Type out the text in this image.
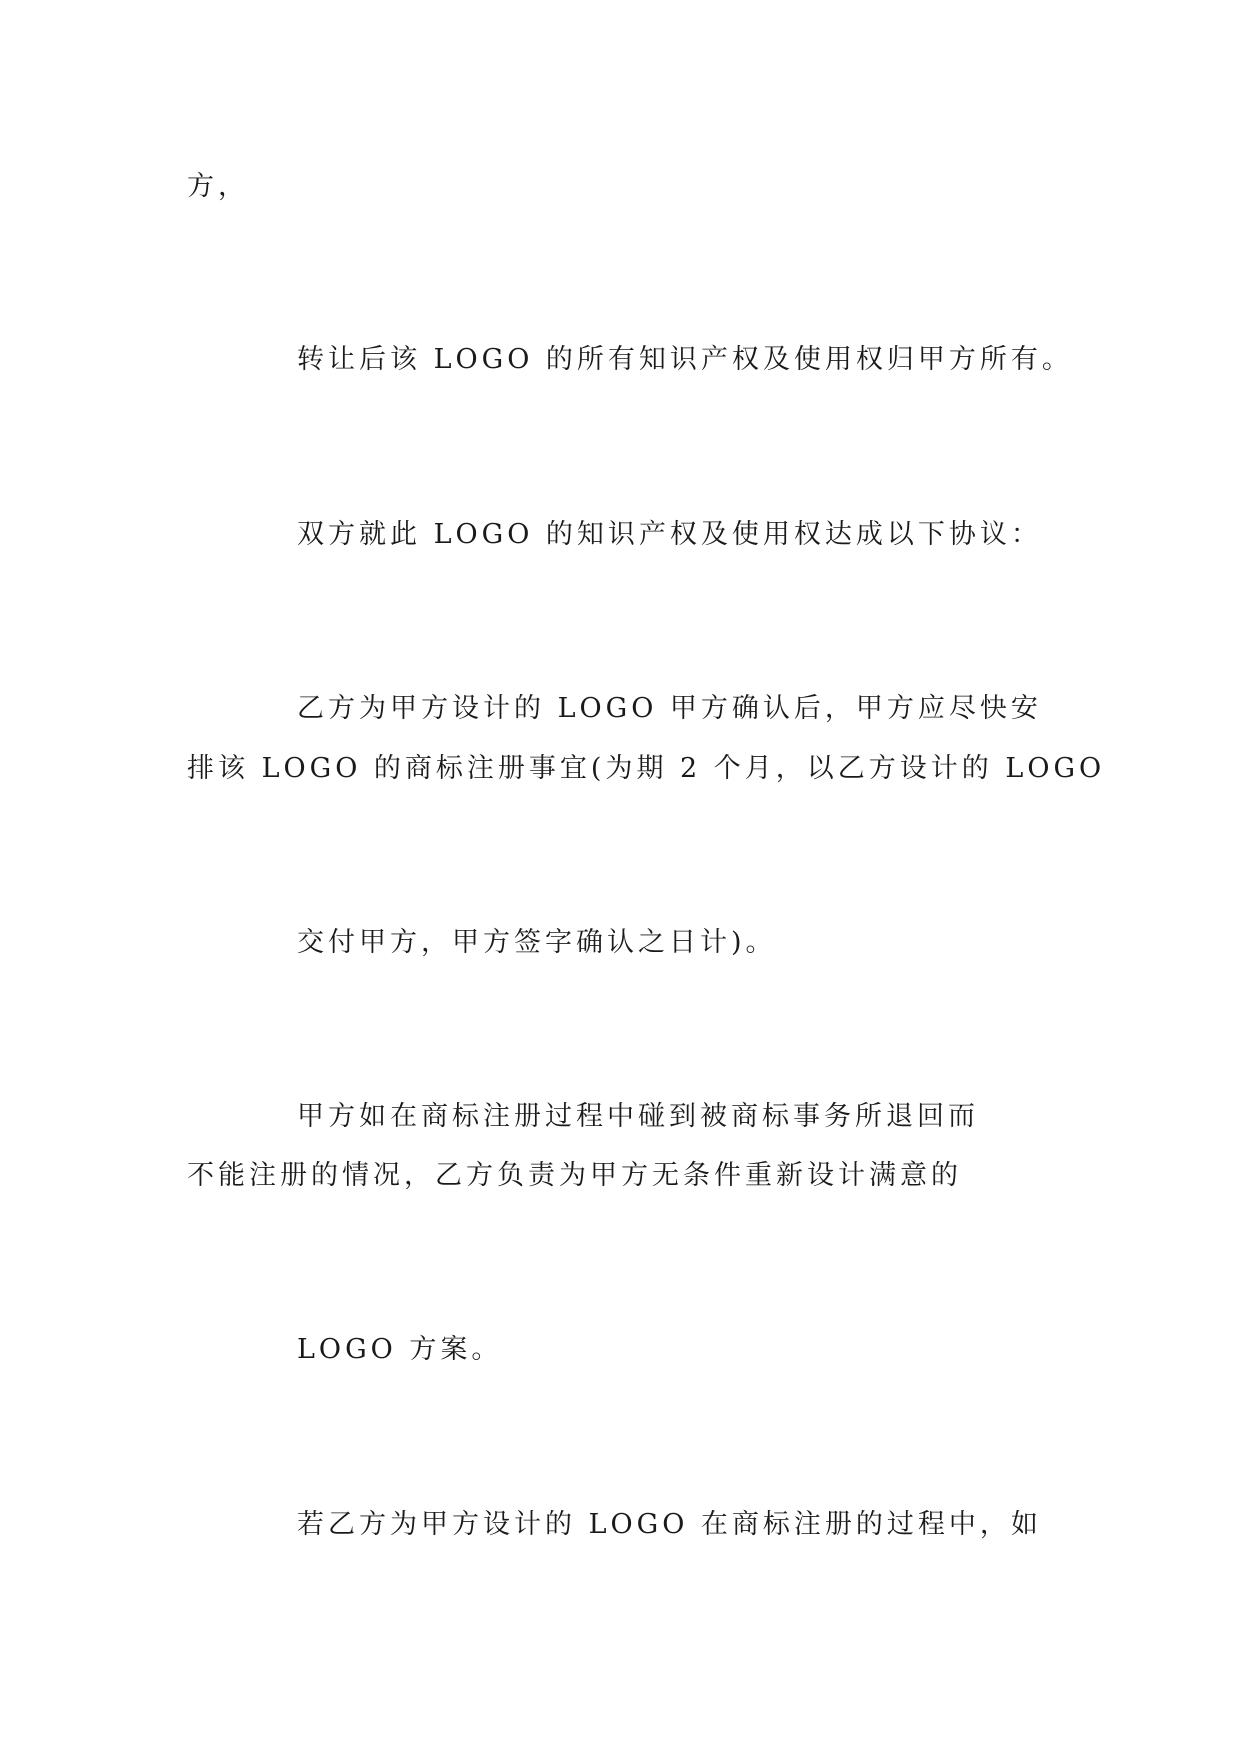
方，
转让后该 LOGO 的所有知识产权及使用权归甲方所有。
双方就此 LOGO 的知识产权及使用权达成以下协议：
乙方为甲方设计的 LOGO 甲方确认后，甲方应尽快安
排该 LOGO 的商标注册事宜(为期 2 个月，以乙方设计的 LOGO
交付甲方，甲方签字确认之日计)。
甲方如在商标注册过程中碰到被商标事务所退回而
不能注册的情况，乙方负责为甲方无条件重新设计满意的
LOGO 方案。
若乙方为甲方设计的 LOGO 在商标注册的过程中，如
